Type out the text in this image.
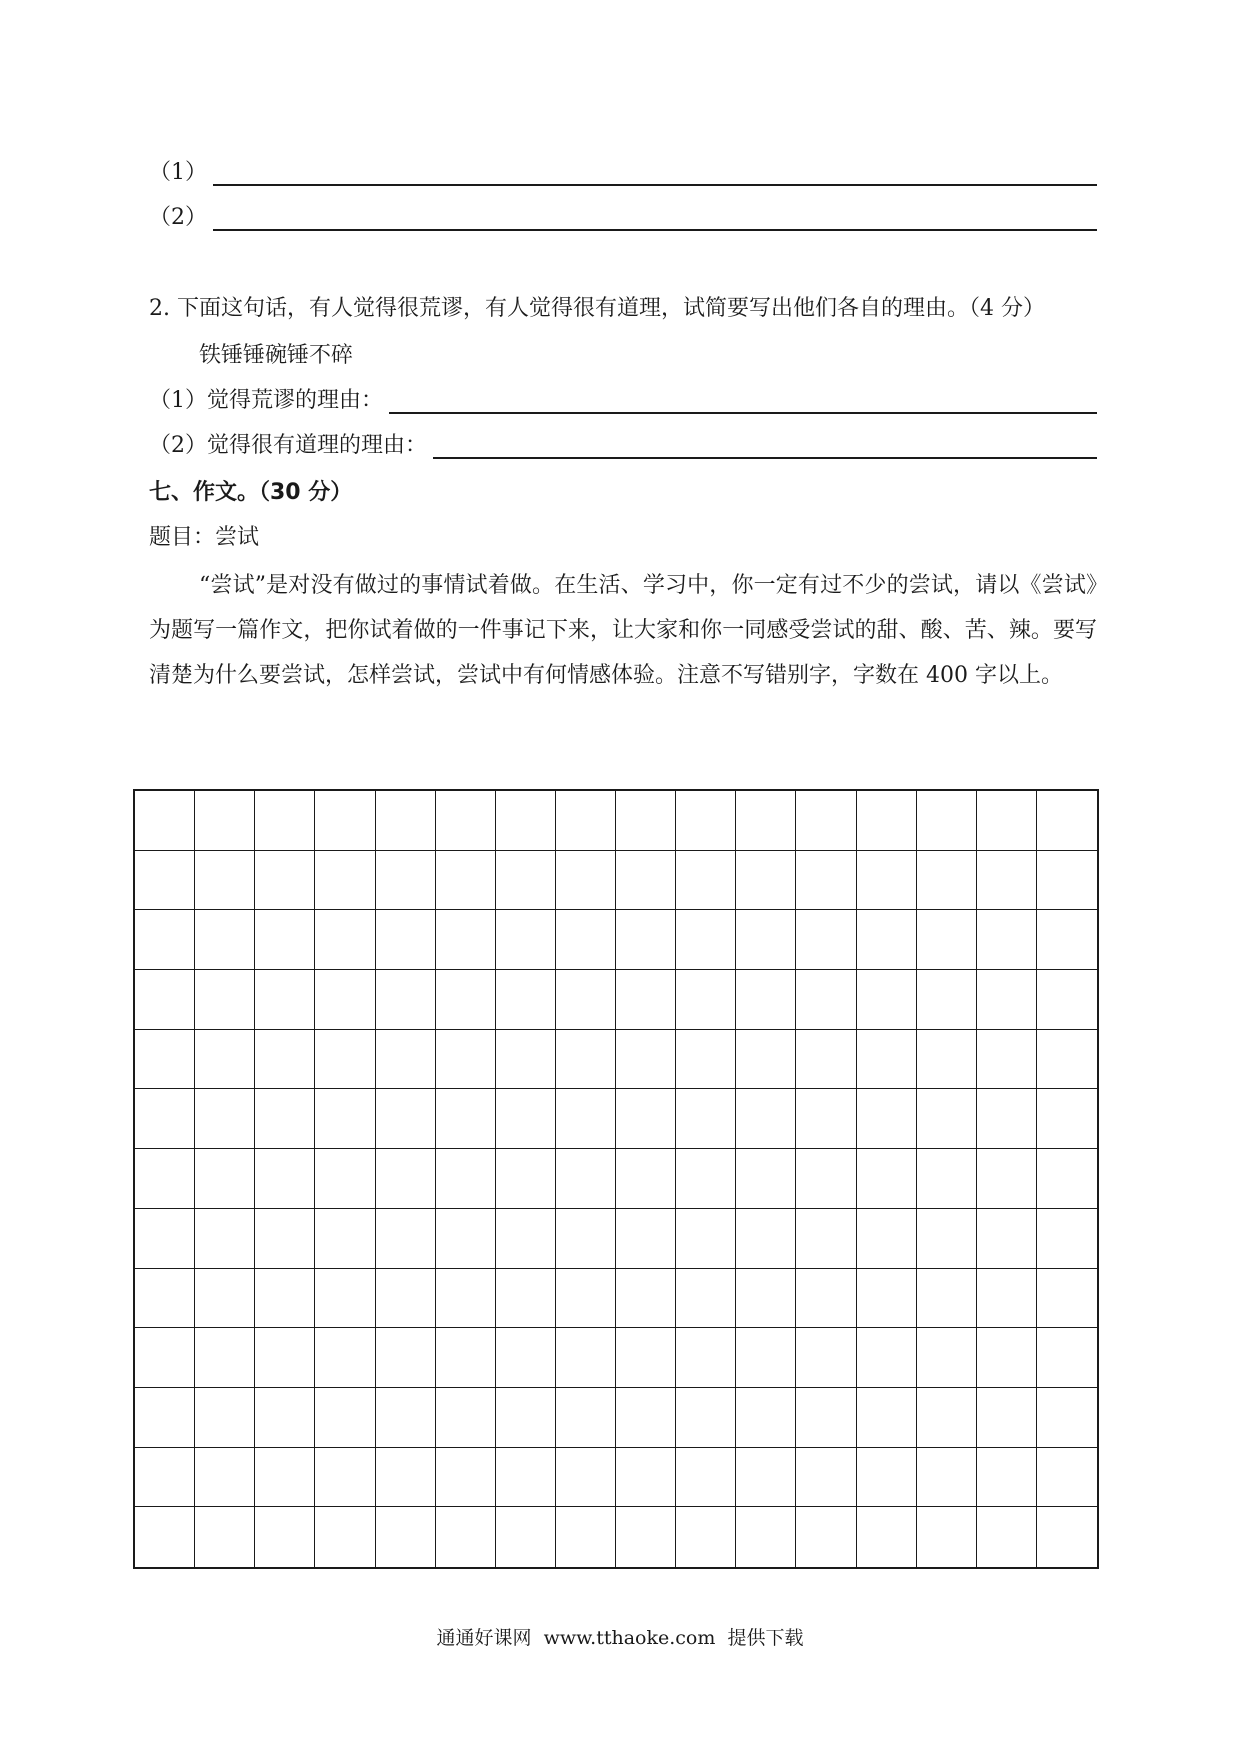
（1）
（2）
2. 下面这句话，有人觉得很荒谬，有人觉得很有道理，试简要写出他们各自的理由。（4 分）
铁锤锤碗锤不碎
（1）觉得荒谬的理由：
（2）觉得很有道理的理由：
七、作文。（30 分）
题目：尝试
“尝试”是对没有做过的事情试着做。在生活、学习中，你一定有过不少的尝试，请以《尝试》为题写一篇作文，把你试着做的一件事记下来，让大家和你一同感受尝试的甜、酸、苦、辣。要写清楚为什么要尝试，怎样尝试，尝试中有何情感体验。注意不写错别字，字数在 400 字以上。
通通好课网  www.tthaoke.com  提供下载
